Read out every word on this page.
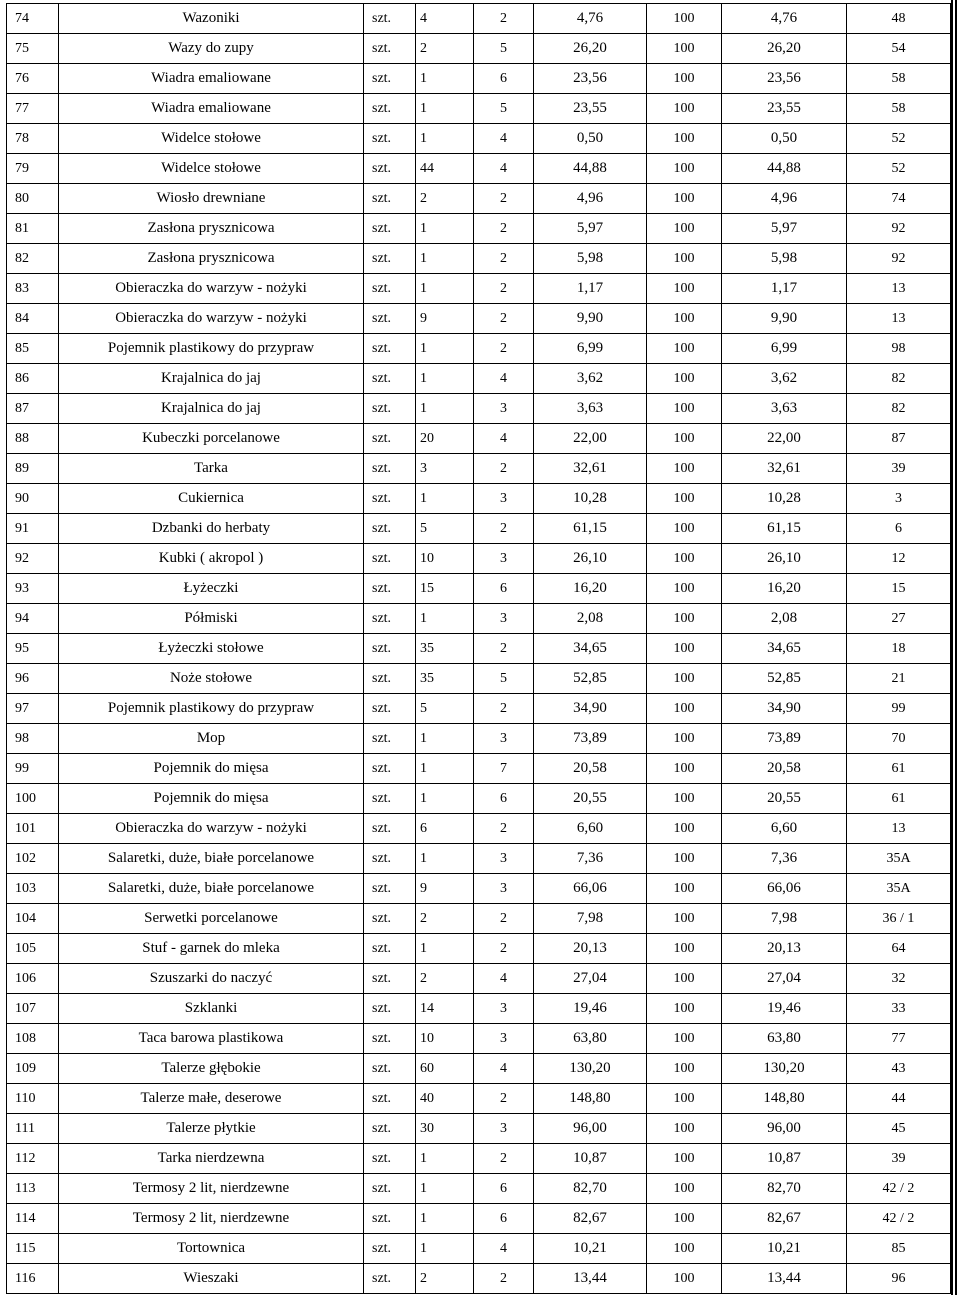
74	Wazoniki	szt.	4	2	4,76	100	4,76	48
75	Wazy do zupy	szt.	2	5	26,20	100	26,20	54
76	Wiadra emaliowane	szt.	1	6	23,56	100	23,56	58
77	Wiadra emaliowane	szt.	1	5	23,55	100	23,55	58
78	Widelce stołowe	szt.	1	4	0,50	100	0,50	52
79	Widelce stołowe	szt.	44	4	44,88	100	44,88	52
80	Wiosło drewniane	szt.	2	2	4,96	100	4,96	74
81	Zasłona prysznicowa	szt.	1	2	5,97	100	5,97	92
82	Zasłona prysznicowa	szt.	1	2	5,98	100	5,98	92
83	Obieraczka do warzyw - nożyki	szt.	1	2	1,17	100	1,17	13
84	Obieraczka do warzyw - nożyki	szt.	9	2	9,90	100	9,90	13
85	Pojemnik plastikowy do przypraw	szt.	1	2	6,99	100	6,99	98
86	Krajalnica do jaj	szt.	1	4	3,62	100	3,62	82
87	Krajalnica do jaj	szt.	1	3	3,63	100	3,63	82
88	Kubeczki porcelanowe	szt.	20	4	22,00	100	22,00	87
89	Tarka	szt.	3	2	32,61	100	32,61	39
90	Cukiernica	szt.	1	3	10,28	100	10,28	3
91	Dzbanki do herbaty	szt.	5	2	61,15	100	61,15	6
92	Kubki ( akropol )	szt.	10	3	26,10	100	26,10	12
93	Łyżeczki	szt.	15	6	16,20	100	16,20	15
94	Półmiski	szt.	1	3	2,08	100	2,08	27
95	Łyżeczki stołowe	szt.	35	2	34,65	100	34,65	18
96	Noże stołowe	szt.	35	5	52,85	100	52,85	21
97	Pojemnik plastikowy do przypraw	szt.	5	2	34,90	100	34,90	99
98	Mop	szt.	1	3	73,89	100	73,89	70
99	Pojemnik do mięsa	szt.	1	7	20,58	100	20,58	61
100	Pojemnik do mięsa	szt.	1	6	20,55	100	20,55	61
101	Obieraczka do warzyw - nożyki	szt.	6	2	6,60	100	6,60	13
102	Salaretki, duże, białe porcelanowe	szt.	1	3	7,36	100	7,36	35A
103	Salaretki, duże, białe porcelanowe	szt.	9	3	66,06	100	66,06	35A
104	Serwetki porcelanowe	szt.	2	2	7,98	100	7,98	36 / 1
105	Stuf - garnek do mleka	szt.	1	2	20,13	100	20,13	64
106	Szuszarki do naczyć	szt.	2	4	27,04	100	27,04	32
107	Szklanki	szt.	14	3	19,46	100	19,46	33
108	Taca barowa plastikowa	szt.	10	3	63,80	100	63,80	77
109	Talerze głębokie	szt.	60	4	130,20	100	130,20	43
110	Talerze małe, deserowe	szt.	40	2	148,80	100	148,80	44
111	Talerze płytkie	szt.	30	3	96,00	100	96,00	45
112	Tarka nierdzewna	szt.	1	2	10,87	100	10,87	39
113	Termosy 2 lit, nierdzewne	szt.	1	6	82,70	100	82,70	42 / 2
114	Termosy 2 lit, nierdzewne	szt.	1	6	82,67	100	82,67	42 / 2
115	Tortownica	szt.	1	4	10,21	100	10,21	85
116	Wieszaki	szt.	2	2	13,44	100	13,44	96
